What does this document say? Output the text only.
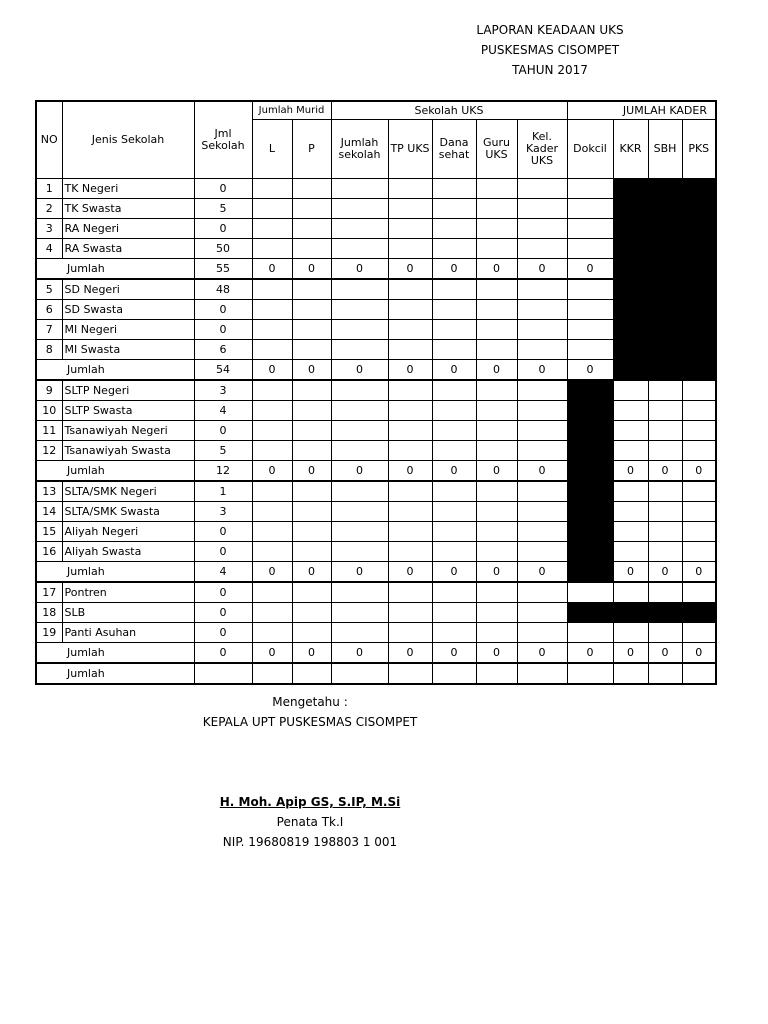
LAPORAN KEADAAN UKS
PUSKESMAS CISOMPET
TAHUN 2017
NO	Jenis Sekolah	Jml Sekolah	Jumlah Murid		Sekolah UKS					JUMLAH KADER			
			L	P	Jumlah sekolah	TP UKS	Dana sehat	Guru UKS	Kel. Kader UKS	Dokcil	KKR	SBH	PKS
1	TK Negeri	0											
2	TK Swasta	5											
3	RA Negeri	0											
4	RA Swasta	50											
Jumlah		55	0	0	0	0	0	0	0	0			
5	SD Negeri	48											
6	SD Swasta	0											
7	MI Negeri	0											
8	MI Swasta	6											
Jumlah		54	0	0	0	0	0	0	0	0			
9	SLTP Negeri	3											
10	SLTP Swasta	4											
11	Tsanawiyah Negeri	0											
12	Tsanawiyah Swasta	5											
Jumlah		12	0	0	0	0	0	0	0		0	0	0
13	SLTA/SMK Negeri	1											
14	SLTA/SMK Swasta	3											
15	Aliyah Negeri	0											
16	Aliyah Swasta	0											
Jumlah		4	0	0	0	0	0	0	0		0	0	0
17	Pontren	0											
18	SLB	0											
19	Panti Asuhan	0											
Jumlah		0	0	0	0	0	0	0	0	0	0	0	0
Jumlah													
Mengetahu :
KEPALA UPT PUSKESMAS CISOMPET
H. Moh. Apip GS, S.IP, M.Si
Penata Tk.I
NIP. 19680819 198803 1 001
